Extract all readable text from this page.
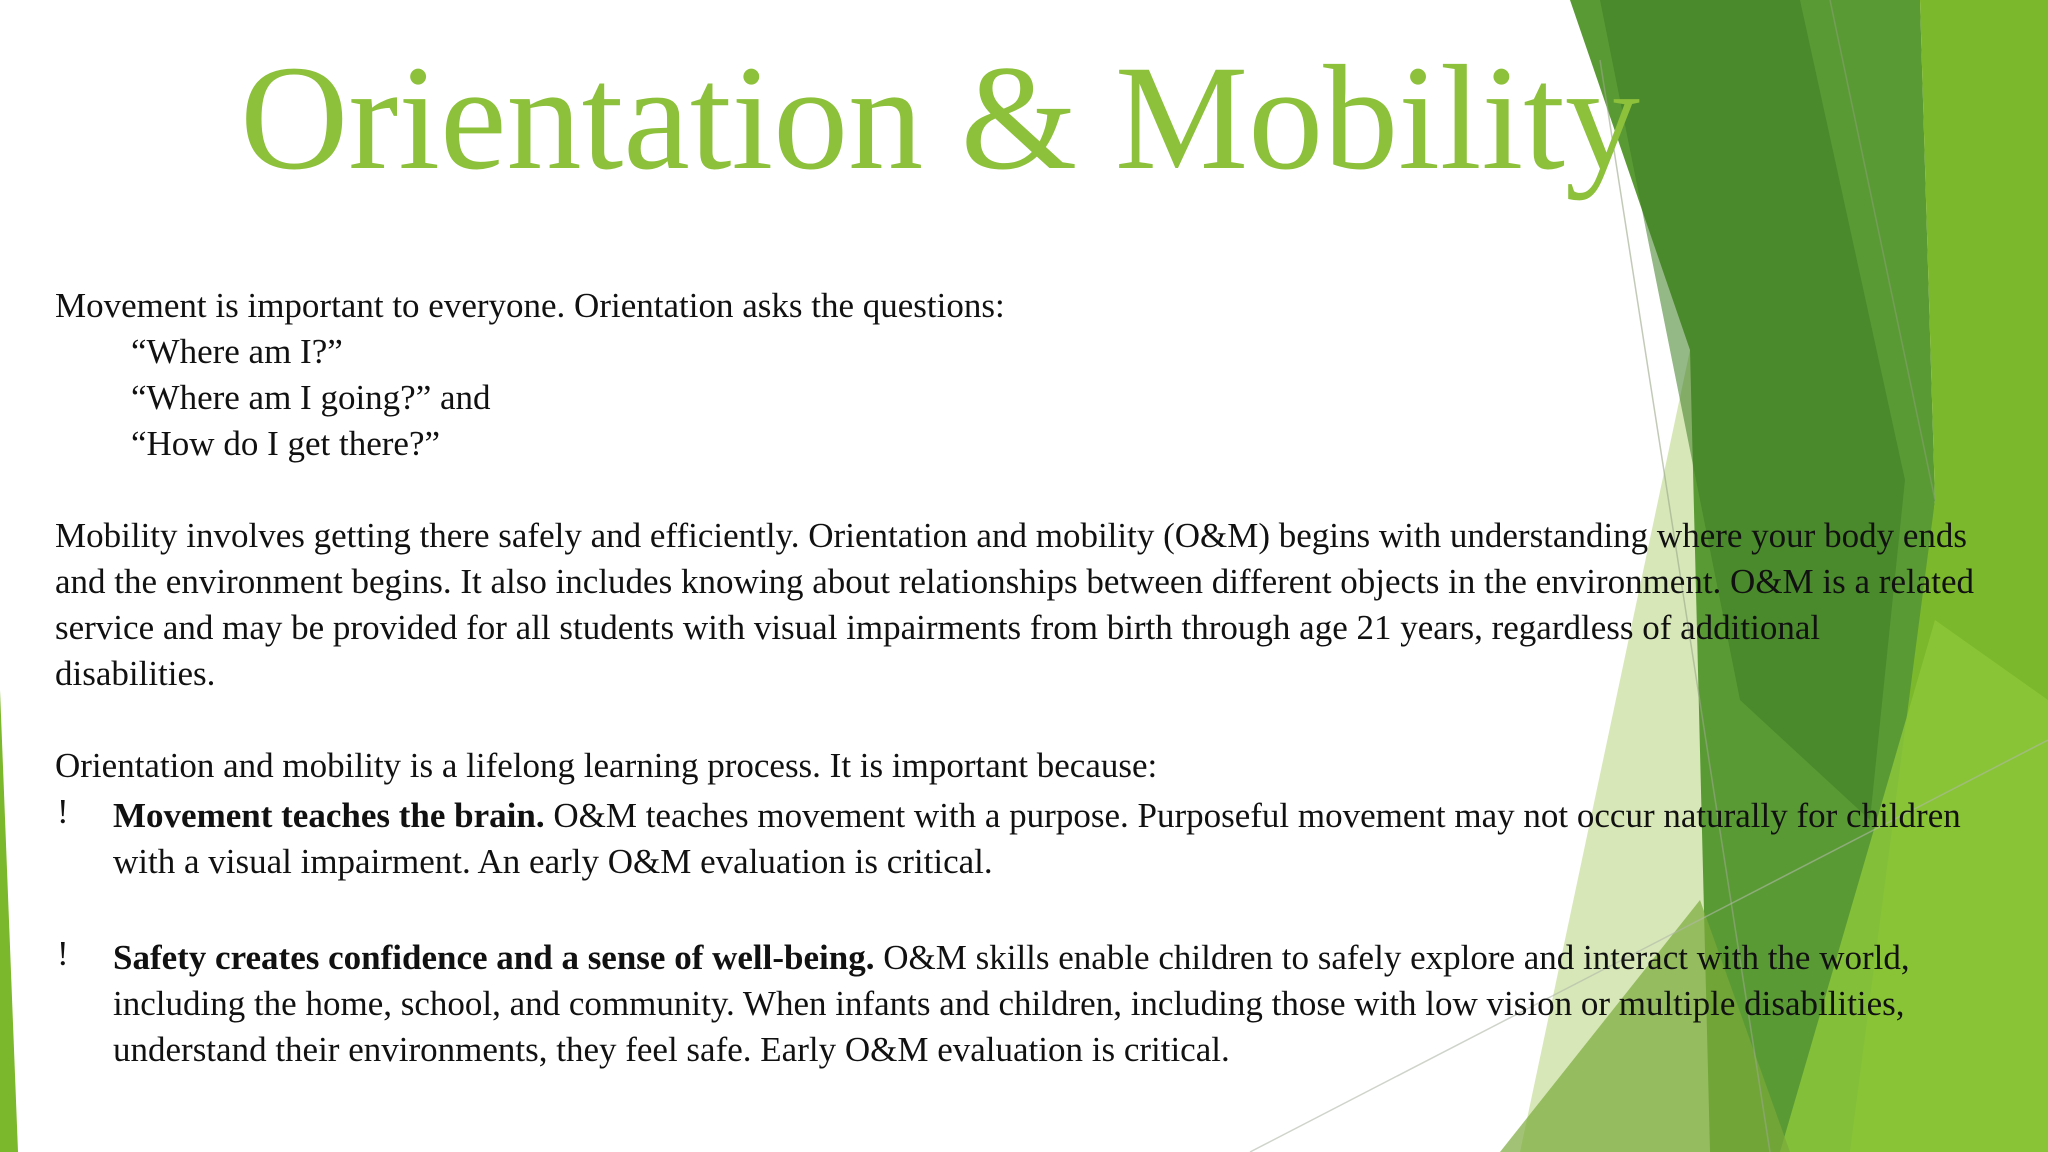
Orientation & Mobility

Movement is important to everyone. Orientation asks the questions:

“Where am I?”

“Where am I going?” and

“How do I get there?”

Mobility involves getting there safely and efficiently. Orientation and mobility (O&M) begins with understanding where your body ends and the environment begins. It also includes knowing about relationships between different objects in the environment. O&M is a related service and may be provided for all students with visual impairments from birth through age 21 years, regardless of additional disabilities.

Orientation and mobility is a lifelong learning process. It is important because:

! Movement teaches the brain. O&M teaches movement with a purpose. Purposeful movement may not occur naturally for children with a visual impairment. An early O&M evaluation is critical.

! Safety creates confidence and a sense of well-being. O&M skills enable children to safely explore and interact with the world, including the home, school, and community. When infants and children, including those with low vision or multiple disabilities, understand their environments, they feel safe. Early O&M evaluation is critical.
